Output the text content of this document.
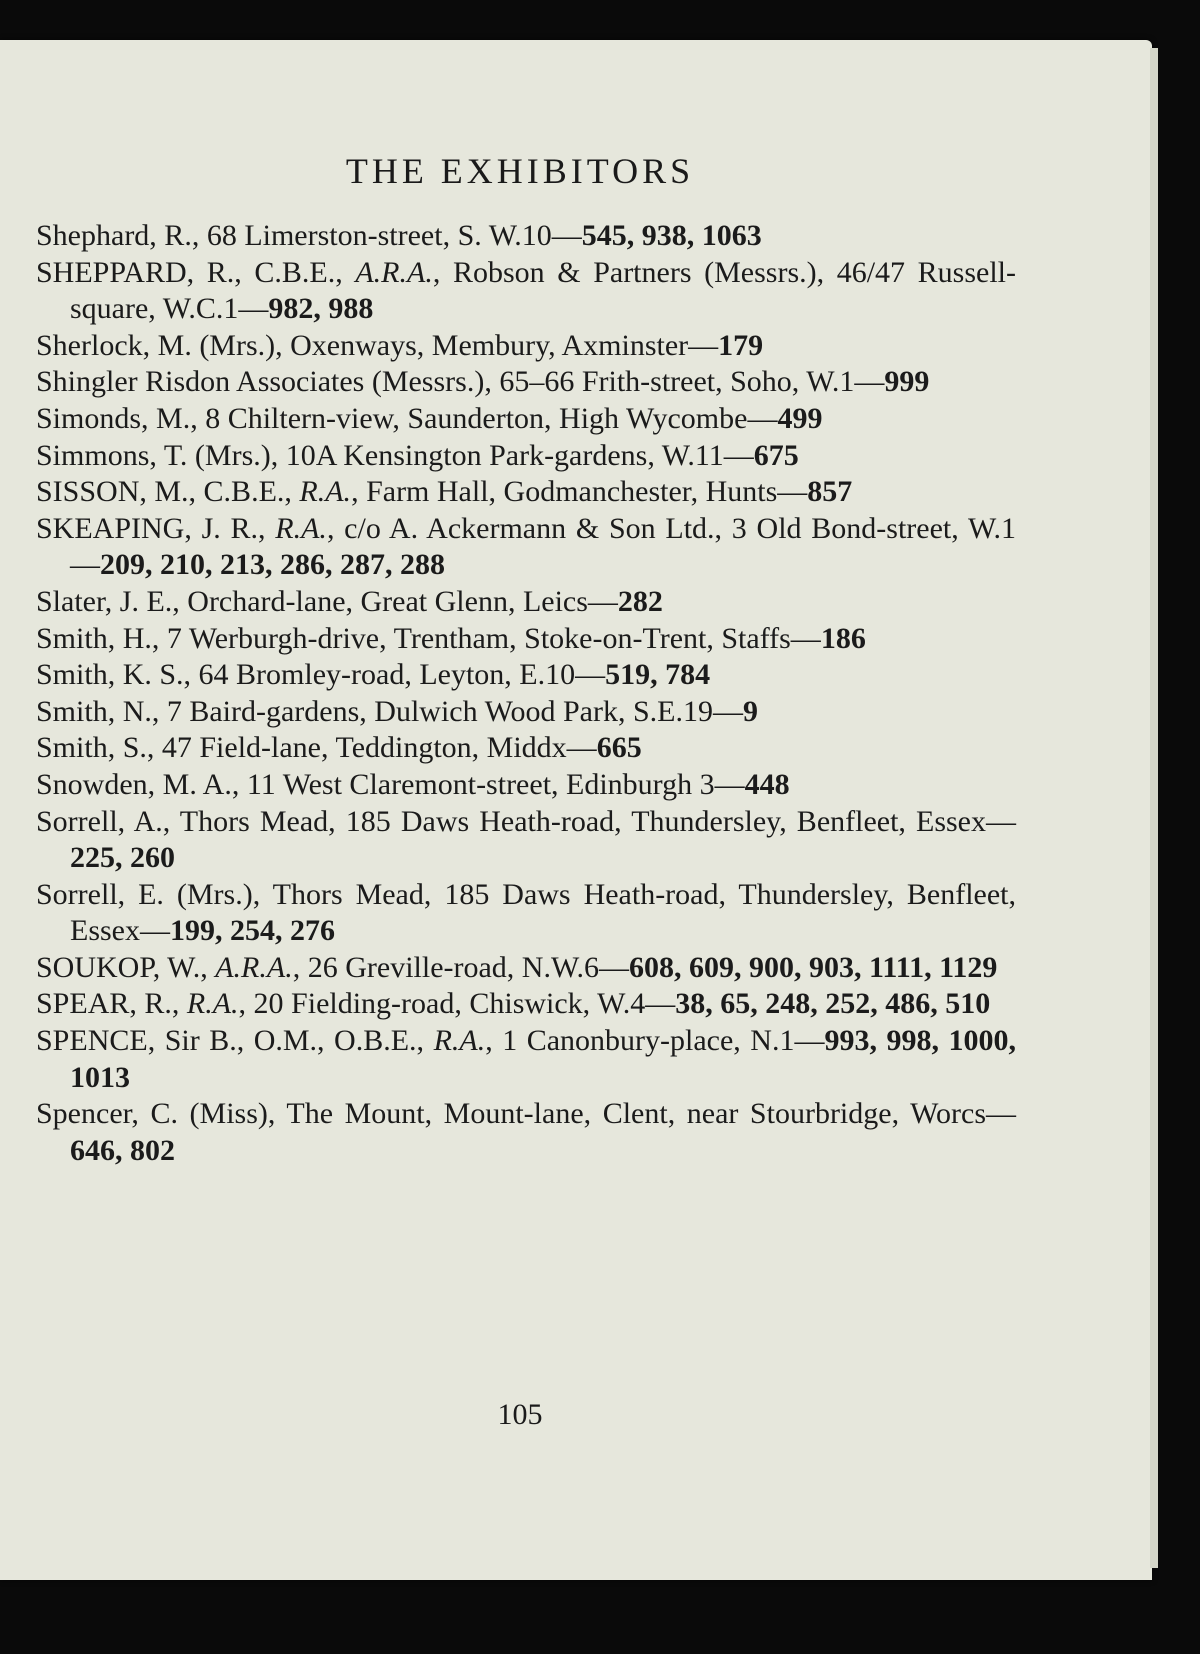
THE EXHIBITORS
Shephard, R., 68 Limerston-street, S. W.10—545, 938, 1063
SHEPPARD, R., C.B.E., A.R.A., Robson & Partners (Messrs.), 46/47 Russell-square, W.C.1—982, 988
Sherlock, M. (Mrs.), Oxenways, Membury, Axminster—179
Shingler Risdon Associates (Messrs.), 65–66 Frith-street, Soho, W.1—999
Simonds, M., 8 Chiltern-view, Saunderton, High Wycombe—499
Simmons, T. (Mrs.), 10A Kensington Park-gardens, W.11—675
SISSON, M., C.B.E., R.A., Farm Hall, Godmanchester, Hunts—857
SKEAPING, J. R., R.A., c/o A. Ackermann & Son Ltd., 3 Old Bond-street, W.1—209, 210, 213, 286, 287, 288
Slater, J. E., Orchard-lane, Great Glenn, Leics—282
Smith, H., 7 Werburgh-drive, Trentham, Stoke-on-Trent, Staffs—186
Smith, K. S., 64 Bromley-road, Leyton, E.10—519, 784
Smith, N., 7 Baird-gardens, Dulwich Wood Park, S.E.19—9
Smith, S., 47 Field-lane, Teddington, Middx—665
Snowden, M. A., 11 West Claremont-street, Edinburgh 3—448
Sorrell, A., Thors Mead, 185 Daws Heath-road, Thundersley, Benfleet, Essex—225, 260
Sorrell, E. (Mrs.), Thors Mead, 185 Daws Heath-road, Thundersley, Benfleet, Essex—199, 254, 276
SOUKOP, W., A.R.A., 26 Greville-road, N.W.6—608, 609, 900, 903, 1111, 1129
SPEAR, R., R.A., 20 Fielding-road, Chiswick, W.4—38, 65, 248, 252, 486, 510
SPENCE, Sir B., O.M., O.B.E., R.A., 1 Canonbury-place, N.1—993, 998, 1000, 1013
Spencer, C. (Miss), The Mount, Mount-lane, Clent, near Stourbridge, Worcs—646, 802
105
